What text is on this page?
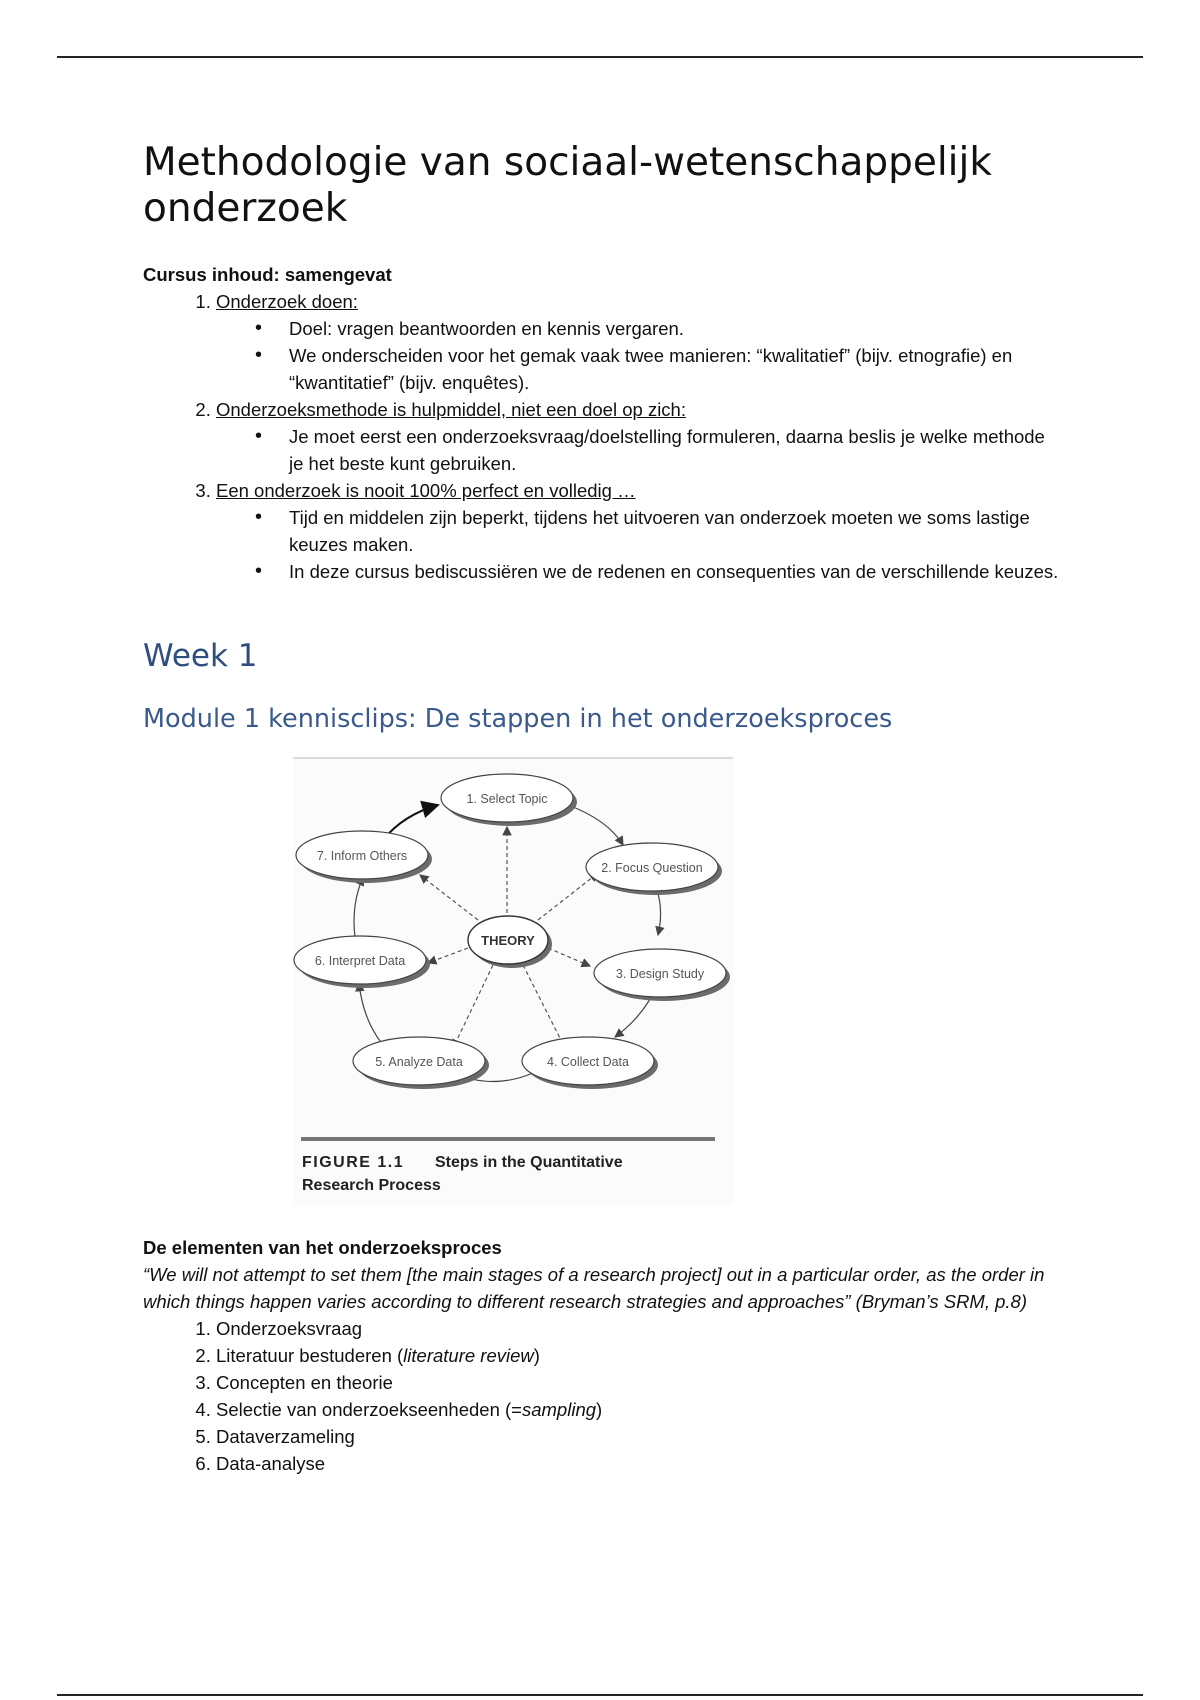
Methodologie van sociaal-wetenschappelijk onderzoek
Cursus inhoud: samengevat
1. Onderzoek doen:
• Doel: vragen beantwoorden en kennis vergaren.
• We onderscheiden voor het gemak vaak twee manieren: “kwalitatief” (bijv. etnografie) en “kwantitatief” (bijv. enquêtes).
2. Onderzoeksmethode is hulpmiddel, niet een doel op zich:
• Je moet eerst een onderzoeksvraag/doelstelling formuleren, daarna beslis je welke methode je het beste kunt gebruiken.
3. Een onderzoek is nooit 100% perfect en volledig …
• Tijd en middelen zijn beperkt, tijdens het uitvoeren van onderzoek moeten we soms lastige keuzes maken.
• In deze cursus bediscussiëren we de redenen en consequenties van de verschillende keuzes.
Week 1
Module 1 kennisclips: De stappen in het onderzoeksproces
1. Select Topic
2. Focus Question
3. Design Study
4. Collect Data
5. Analyze Data
6. Interpret Data
7. Inform Others
THEORY
FIGURE 1.1 Steps in the Quantitative
Research Process
De elementen van het onderzoeksproces
“We will not attempt to set them [the main stages of a research project] out in a particular order, as the order in which things happen varies according to different research strategies and approaches” (Bryman’s SRM, p.8)
1. Onderzoeksvraag
2. Literatuur bestuderen (literature review)
3. Concepten en theorie
4. Selectie van onderzoekseenheden (=sampling)
5. Dataverzameling
6. Data-analyse
